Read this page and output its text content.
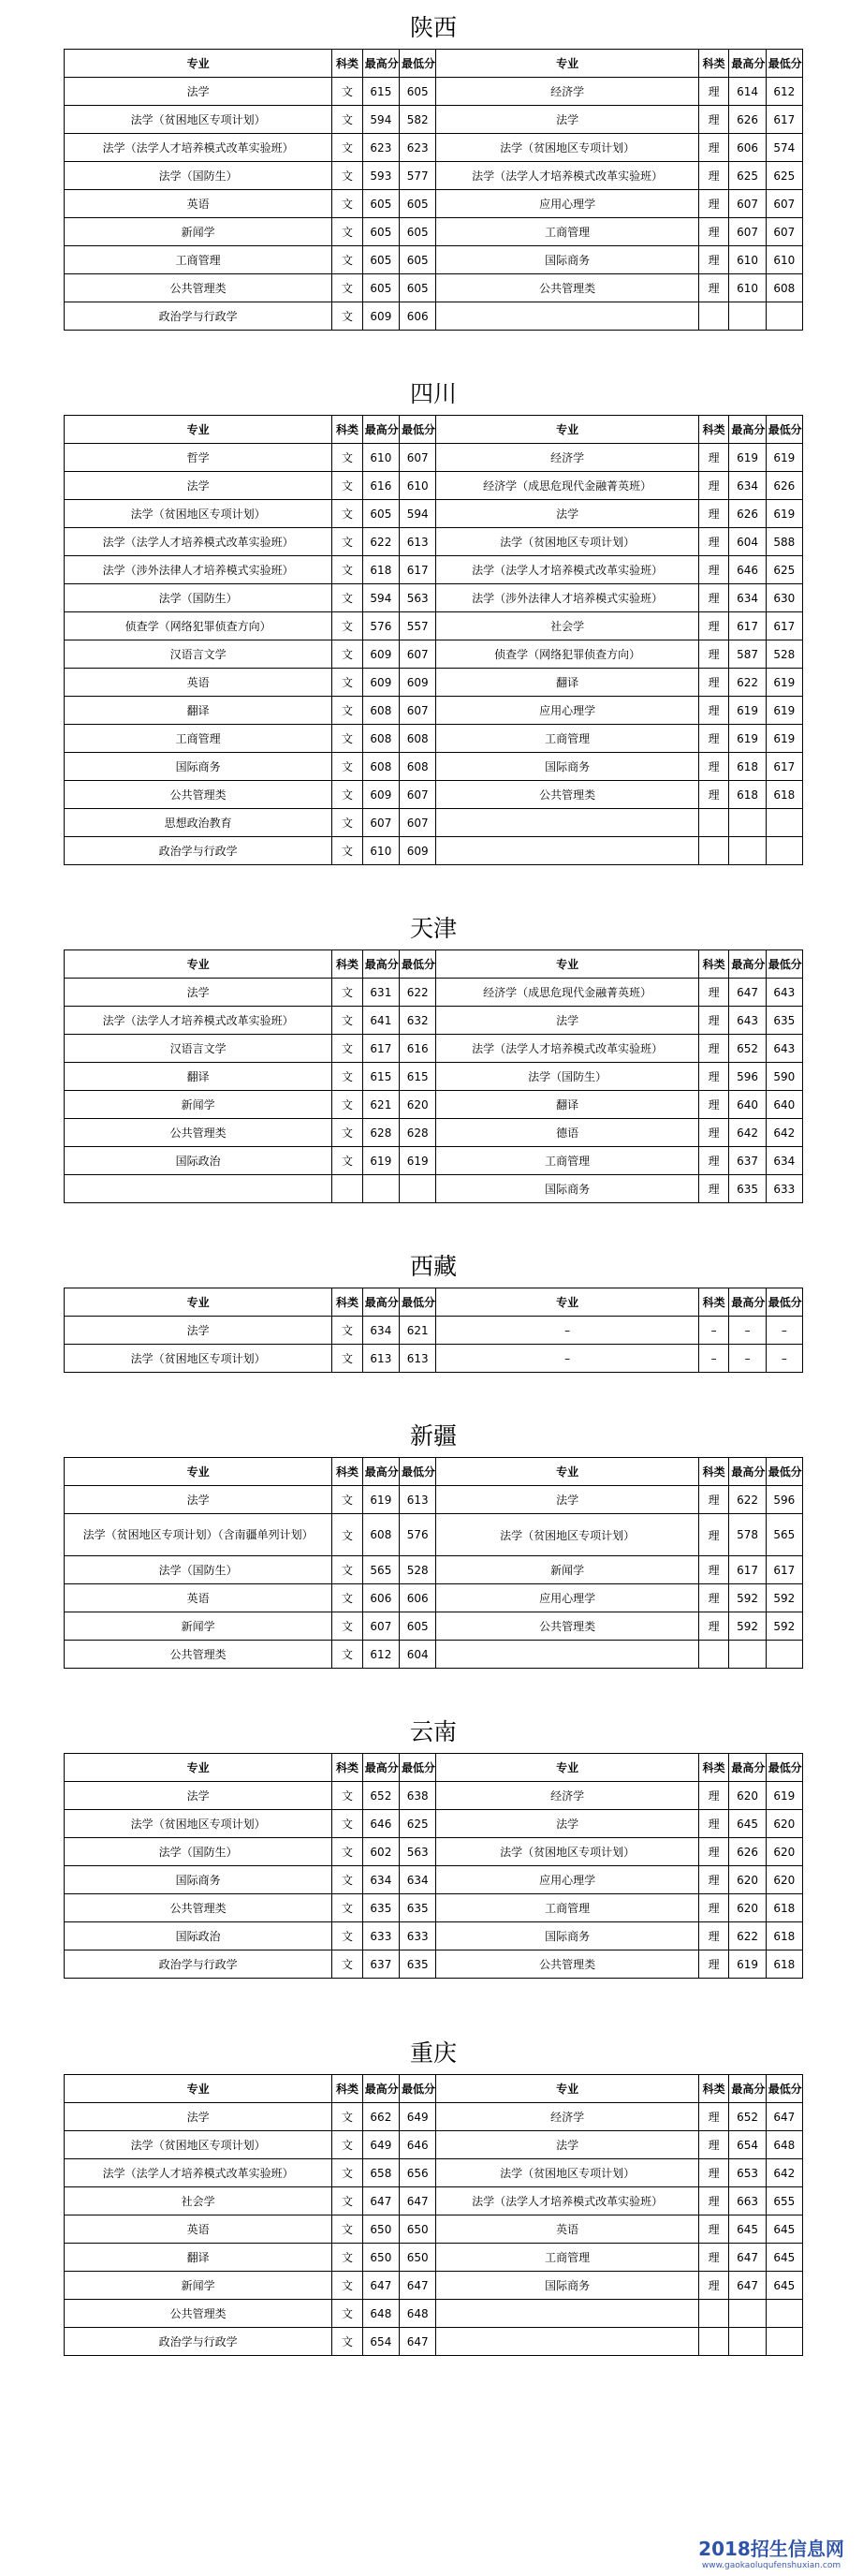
陕西
专业	科类	最高分	最低分	专业	科类	最高分	最低分
法学	文	615	605	经济学	理	614	612
法学（贫困地区专项计划）	文	594	582	法学	理	626	617
法学（法学人才培养模式改革实验班）	文	623	623	法学（贫困地区专项计划）	理	606	574
法学（国防生）	文	593	577	法学（法学人才培养模式改革实验班）	理	625	625
英语	文	605	605	应用心理学	理	607	607
新闻学	文	605	605	工商管理	理	607	607
工商管理	文	605	605	国际商务	理	610	610
公共管理类	文	605	605	公共管理类	理	610	608
政治学与行政学	文	609	606				
四川
专业	科类	最高分	最低分	专业	科类	最高分	最低分
哲学	文	610	607	经济学	理	619	619
法学	文	616	610	经济学（成思危现代金融菁英班）	理	634	626
法学（贫困地区专项计划）	文	605	594	法学	理	626	619
法学（法学人才培养模式改革实验班）	文	622	613	法学（贫困地区专项计划）	理	604	588
法学（涉外法律人才培养模式实验班）	文	618	617	法学（法学人才培养模式改革实验班）	理	646	625
法学（国防生）	文	594	563	法学（涉外法律人才培养模式实验班）	理	634	630
侦查学（网络犯罪侦查方向）	文	576	557	社会学	理	617	617
汉语言文学	文	609	607	侦查学（网络犯罪侦查方向）	理	587	528
英语	文	609	609	翻译	理	622	619
翻译	文	608	607	应用心理学	理	619	619
工商管理	文	608	608	工商管理	理	619	619
国际商务	文	608	608	国际商务	理	618	617
公共管理类	文	609	607	公共管理类	理	618	618
思想政治教育	文	607	607				
政治学与行政学	文	610	609				
天津
专业	科类	最高分	最低分	专业	科类	最高分	最低分
法学	文	631	622	经济学（成思危现代金融菁英班）	理	647	643
法学（法学人才培养模式改革实验班）	文	641	632	法学	理	643	635
汉语言文学	文	617	616	法学（法学人才培养模式改革实验班）	理	652	643
翻译	文	615	615	法学（国防生）	理	596	590
新闻学	文	621	620	翻译	理	640	640
公共管理类	文	628	628	德语	理	642	642
国际政治	文	619	619	工商管理	理	637	634
				国际商务	理	635	633
西藏
专业	科类	最高分	最低分	专业	科类	最高分	最低分
法学	文	634	621	–	–	–	–
法学（贫困地区专项计划）	文	613	613	–	–	–	–
新疆
专业	科类	最高分	最低分	专业	科类	最高分	最低分
法学	文	619	613	法学	理	622	596
法学（贫困地区专项计划）（含南疆单列计划）	文	608	576	法学（贫困地区专项计划）	理	578	565
法学（国防生）	文	565	528	新闻学	理	617	617
英语	文	606	606	应用心理学	理	592	592
新闻学	文	607	605	公共管理类	理	592	592
公共管理类	文	612	604				
云南
专业	科类	最高分	最低分	专业	科类	最高分	最低分
法学	文	652	638	经济学	理	620	619
法学（贫困地区专项计划）	文	646	625	法学	理	645	620
法学（国防生）	文	602	563	法学（贫困地区专项计划）	理	626	620
国际商务	文	634	634	应用心理学	理	620	620
公共管理类	文	635	635	工商管理	理	620	618
国际政治	文	633	633	国际商务	理	622	618
政治学与行政学	文	637	635	公共管理类	理	619	618
重庆
专业	科类	最高分	最低分	专业	科类	最高分	最低分
法学	文	662	649	经济学	理	652	647
法学（贫困地区专项计划）	文	649	646	法学	理	654	648
法学（法学人才培养模式改革实验班）	文	658	656	法学（贫困地区专项计划）	理	653	642
社会学	文	647	647	法学（法学人才培养模式改革实验班）	理	663	655
英语	文	650	650	英语	理	645	645
翻译	文	650	650	工商管理	理	647	645
新闻学	文	647	647	国际商务	理	647	645
公共管理类	文	648	648				
政治学与行政学	文	654	647				
2018招生信息网
www.gaokaoluqufenshuxian.com
